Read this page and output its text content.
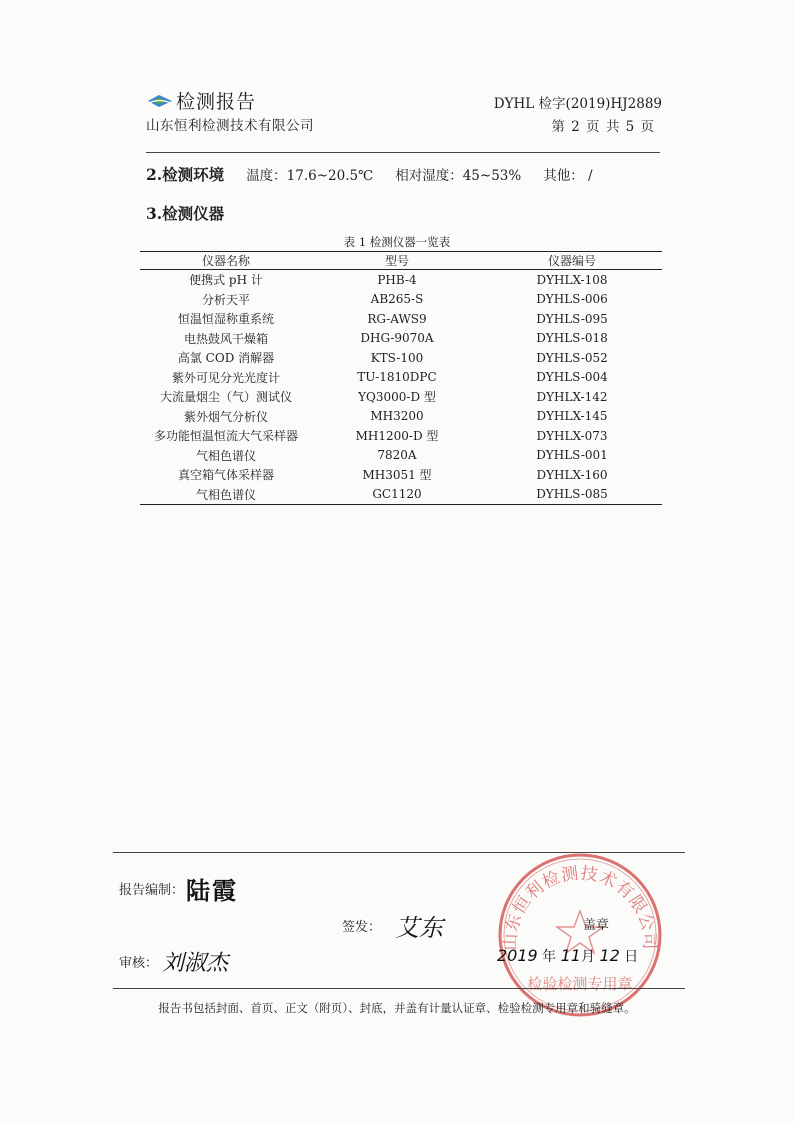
检测报告
山东恒利检测技术有限公司
DYHL 检字(2019)HJ2889
第 2 页 共 5 页
2.检测环境 温度：17.6~20.5℃ 相对湿度：45~53% 其他： /
3.检测仪器
表 1 检测仪器一览表
仪器名称	型号	仪器编号
便携式 pH 计	PHB-4	DYHLX-108
分析天平	AB265-S	DYHLS-006
恒温恒湿称重系统	RG-AWS9	DYHLS-095
电热鼓风干燥箱	DHG-9070A	DYHLS-018
高氯 COD 消解器	KTS-100	DYHLS-052
紫外可见分光光度计	TU-1810DPC	DYHLS-004
大流量烟尘（气）测试仪	YQ3000-D 型	DYHLX-142
紫外烟气分析仪	MH3200	DYHLX-145
多功能恒温恒流大气采样器	MH1200-D 型	DYHLX-073
气相色谱仪	7820A	DYHLS-001
真空箱气体采样器	MH3051 型	DYHLX-160
气相色谱仪	GC1120	DYHLS-085
报告编制： 陆霞
签发： 艾东
审核： 刘淑杰
山东恒利检测技术有限公司
检验检测专用章
盖章
2019 年 11月 12 日
报告书包括封面、首页、正文（附页）、封底，并盖有计量认证章、检验检测专用章和骑缝章。
